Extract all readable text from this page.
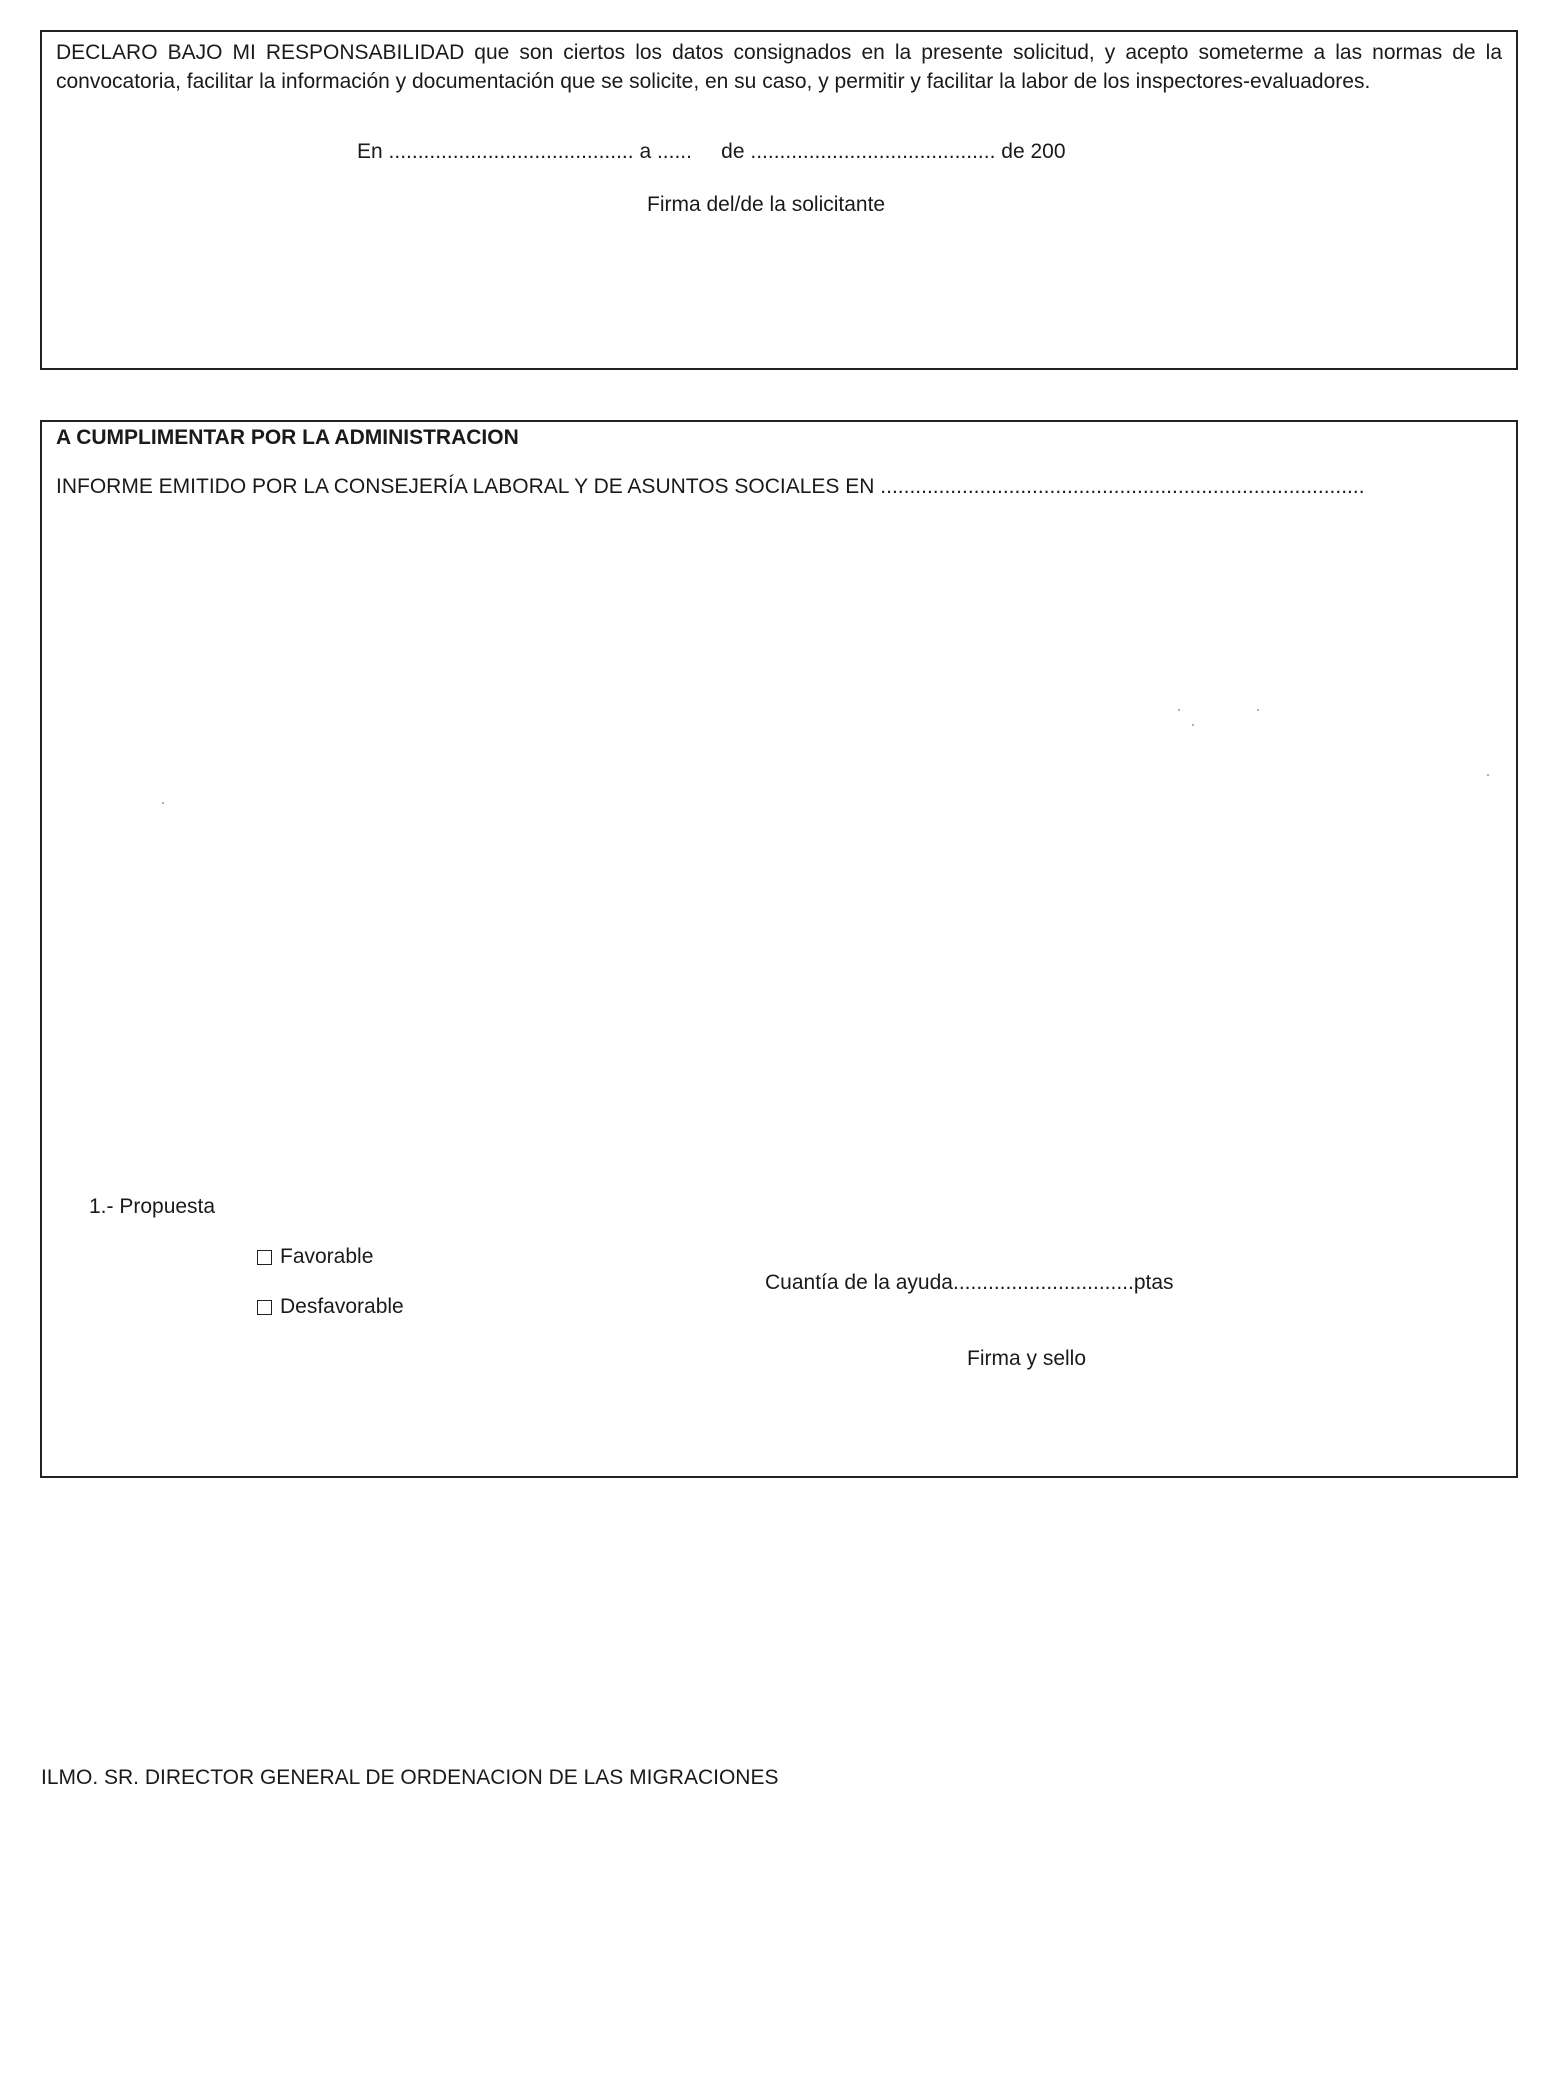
DECLARO BAJO MI RESPONSABILIDAD que son ciertos los datos consignados en la presente solicitud, y acepto someterme a las normas de la convocatoria, facilitar la información y documentación que se solicite, en su caso, y permitir y facilitar la labor de los inspectores-evaluadores.
En .......................................... a ...... de .......................................... de 200
Firma del/de la solicitante
A CUMPLIMENTAR POR LA ADMINISTRACION
INFORME EMITIDO POR LA CONSEJERÍA LABORAL Y DE ASUNTOS SOCIALES EN ...................................................................................
1.- Propuesta
Favorable
Desfavorable
Cuantía de la ayuda...............................ptas
Firma y sello
ILMO. SR. DIRECTOR GENERAL DE ORDENACION DE LAS MIGRACIONES
